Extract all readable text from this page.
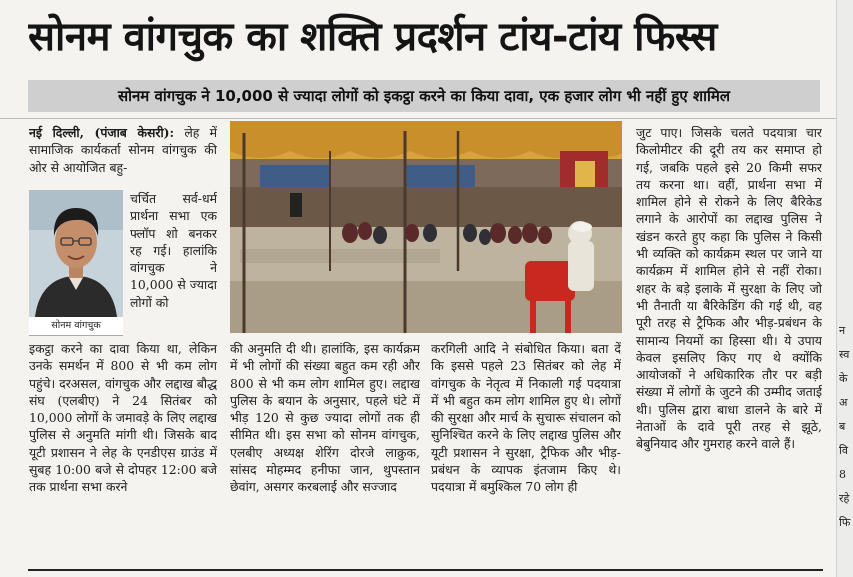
सोनम वांगचुक का शक्ति प्रदर्शन टांय-टांय फिस्स
सोनम वांगचुक ने 10,000 से ज्यादा लोगों को इकट्ठा करने का किया दावा, एक हजार लोग भी नहीं हुए शामिल

नई दिल्ली, (पंजाब केसरी): लेह में सामाजिक कार्यकर्ता सोनम वांगचुक की ओर से आयोजित बहु-

सोनम वांगचुक

चर्चित सर्व-धर्म प्रार्थना सभा एक फ्लॉप शो बनकर रह गई। हालांकि वांगचुक ने 10,000 से ज्यादा लोगों को

इकट्ठा करने का दावा किया था, लेकिन उनके समर्थन में 800 से भी कम लोग पहुंचे। दरअसल, वांगचुक और लद्दाख बौद्ध संघ (एलबीए) ने 24 सितंबर को 10,000 लोगों के जमावड़े के लिए लद्दाख पुलिस से अनुमति मांगी थी। जिसके बाद यूटी प्रशासन ने लेह के एनडीएस ग्राउंड में सुबह 10:00 बजे से दोपहर 12:00 बजे तक प्रार्थना सभा करने

की अनुमति दी थी। हालांकि, इस कार्यक्रम में भी लोगों की संख्या बहुत कम रही और 800 से भी कम लोग शामिल हुए। लद्दाख पुलिस के बयान के अनुसार, पहले घंटे में भीड़ 120 से कुछ ज्यादा लोगों तक ही सीमित थी। इस सभा को सोनम वांगचुक, एलबीए अध्यक्ष शेरिंग दोरजे लाक्रुक, सांसद मोहम्मद हनीफा जान, थुपस्तान छेवांग, असगर करबलाई और सज्जाद

करगिली आदि ने संबोधित किया। बता दें कि इससे पहले 23 सितंबर को लेह में वांगचुक के नेतृत्व में निकाली गई पदयात्रा में भी बहुत कम लोग शामिल हुए थे। लोगों की सुरक्षा और मार्च के सुचारू संचालन को सुनिश्चित करने के लिए लद्दाख पुलिस और यूटी प्रशासन ने सुरक्षा, ट्रैफिक और भीड़-प्रबंधन के व्यापक इंतजाम किए थे। पदयात्रा में बमुश्किल 70 लोग ही

जुट पाए। जिसके चलते पदयात्रा चार किलोमीटर की दूरी तय कर समाप्त हो गई, जबकि पहले इसे 20 किमी सफर तय करना था। वहीं, प्रार्थना सभा में शामिल होने से रोकने के लिए बैरिकेड लगाने के आरोपों का लद्दाख पुलिस ने खंडन करते हुए कहा कि पुलिस ने किसी भी व्यक्ति को कार्यक्रम स्थल पर जाने या कार्यक्रम में शामिल होने से नहीं रोका। शहर के बड़े इलाके में सुरक्षा के लिए जो भी तैनाती या बैरिकेडिंग की गई थी, वह पूरी तरह से ट्रैफिक और भीड़-प्रबंधन के सामान्य नियमों का हिस्सा थी। ये उपाय केवल इसलिए किए गए थे क्योंकि आयोजकों ने अधिकारिक तौर पर बड़ी संख्या में लोगों के जुटने की उम्मीद जताई थी। पुलिस द्वारा बाधा डालने के बारे में नेताओं के दावे पूरी तरह से झूठे, बेबुनियाद और गुमराह करने वाले हैं।

न
स्व
के
अ
ब
वि
8
रहे
फि
